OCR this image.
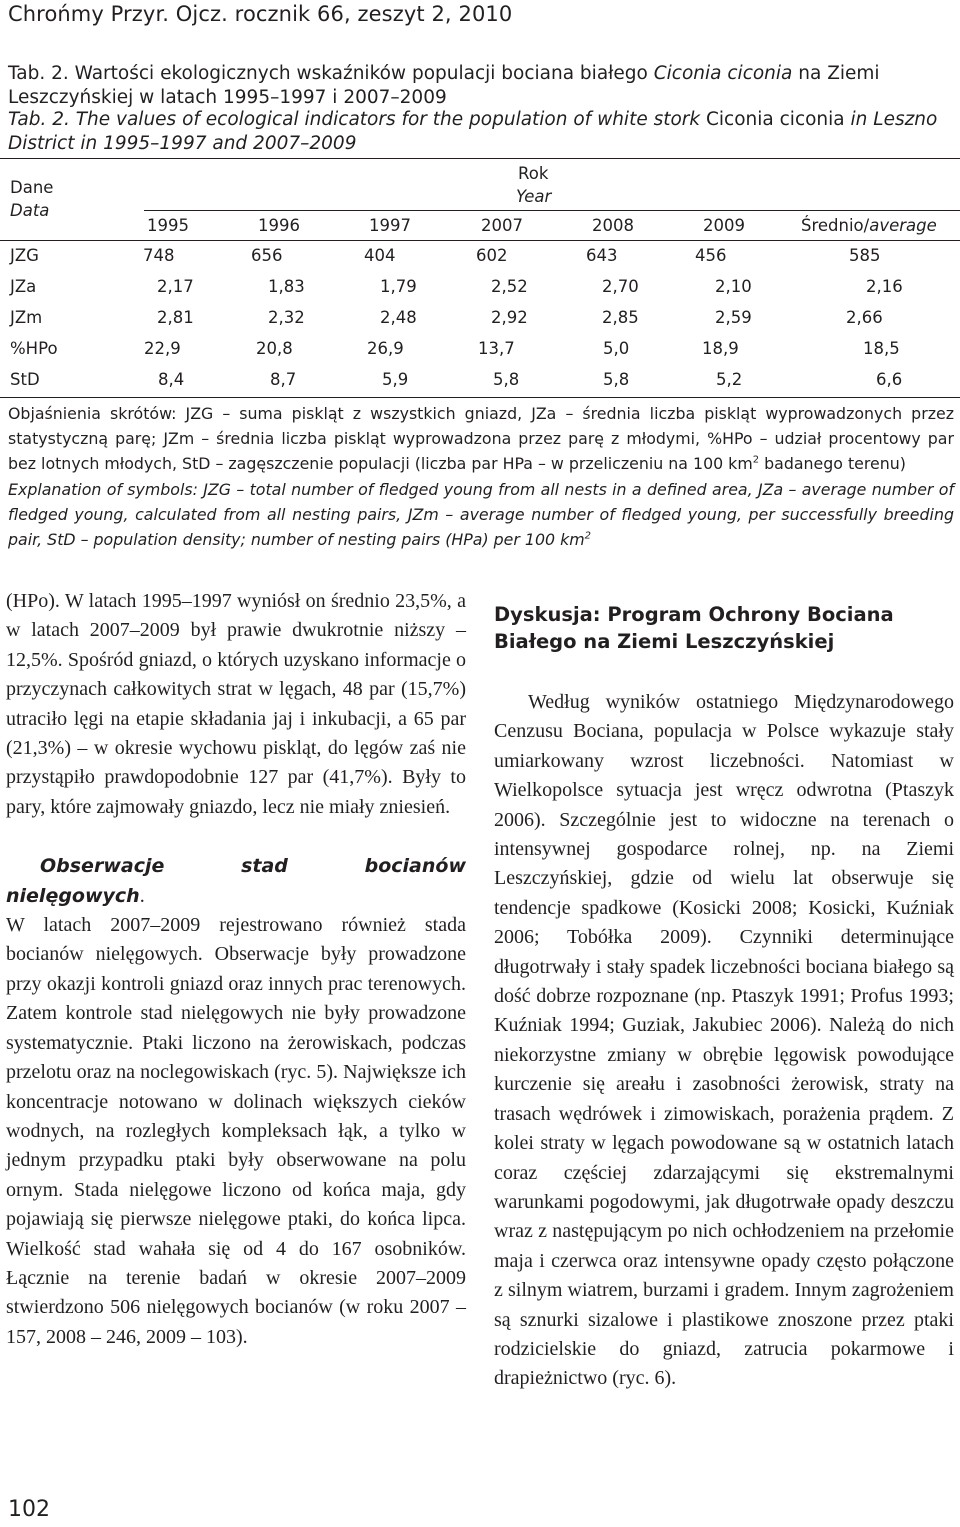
Chrońmy Przyr. Ojcz. rocznik 66, zeszyt 2, 2010
Tab. 2. Wartości ekologicznych wskaźników populacji bociana białego Ciconia ciconia na Ziemi Leszczyńskiej w latach 1995–1997 i 2007–2009
Tab. 2. The values of ecological indicators for the population of white stork Ciconia ciconia in Leszno District in 1995–1997 and 2007–2009
Dane
Data
Rok
Year
1995	1996	1997	2007	2008	2009	Średnio/average
JZG	748	656	404	602	643	456	585
JZa	2,17	1,83	1,79	2,52	2,70	2,10	2,16
JZm	2,81	2,32	2,48	2,92	2,85	2,59	2,66
%HPo	22,9	20,8	26,9	13,7	5,0	18,9	18,5
StD	8,4	8,7	5,9	5,8	5,8	5,2	6,6

Objaśnienia skrótów: JZG – suma piskląt z wszystkich gniazd, JZa – średnia liczba piskląt wyprowadzonych przez statystyczną parę; JZm – średnia liczba piskląt wyprowadzona przez parę z młodymi, %HPo – udział procentowy par bez lotnych młodych, StD – zagęszczenie populacji (liczba par HPa – w przeliczeniu na 100 $km^2$ badanego terenu)

Explanation of symbols: JZG – total number of fledged young from all nests in a defined area, JZa – average number of fledged young, calculated from all nesting pairs, JZm – average number of fledged young, per successfully breeding pair, StD – population density; number of nesting pairs (HPa) per 100 $km^2$

(HPo). W latach 1995–1997 wyniósł on średnio 23,5%, a w latach 2007–2009 był prawie dwukrotnie niższy – 12,5%. Spośród gniazd, o których uzyskano informacje o przyczynach całkowitych strat w lęgach, 48 par (15,7%) utraciło lęgi na etapie składania jaj i inkubacji, a 65 par (21,3%) – w okresie wychowu piskląt, do lęgów zaś nie przystąpiło prawdopodobnie 127 par (41,7%). Były to pary, które zajmowały gniazdo, lecz nie miały zniesień.

Obserwacje stad bocianów nielęgowych.

W latach 2007–2009 rejestrowano również stada bocianów nielęgowych. Obserwacje były prowadzone przy okazji kontroli gniazd oraz innych prac terenowych. Zatem kontrole stad nielęgowych nie były prowadzone systematycznie. Ptaki liczono na żerowiskach, podczas przelotu oraz na noclegowiskach (ryc. 5). Największe ich koncentracje notowano w dolinach większych cieków wodnych, na rozległych kompleksach łąk, a tylko w jednym przypadku ptaki były obserwowane na polu ornym. Stada nielęgowe liczono od końca maja, gdy pojawiają się pierwsze nielęgowe ptaki, do końca lipca. Wielkość stad wahała się od 4 do 167 osobników. Łącznie na terenie badań w okresie 2007–2009 stwierdzono 506 nielęgowych bocianów (w roku 2007 – 157, 2008 – 246, 2009 – 103).

Dyskusja: Program Ochrony Bociana Białego na Ziemi Leszczyńskiej

Według wyników ostatniego Międzynarodowego Cenzusu Bociana, populacja w Polsce wykazuje stały umiarkowany wzrost liczebności. Natomiast w Wielkopolsce sytuacja jest wręcz odwrotna (Ptaszyk 2006). Szczególnie jest to widoczne na terenach o intensywnej gospodarce rolnej, np. na Ziemi Leszczyńskiej, gdzie od wielu lat obserwuje się tendencje spadkowe (Kosicki 2008; Kosicki, Kuźniak 2006; Tobółka 2009). Czynniki determinujące długotrwały i stały spadek liczebności bociana białego są dość dobrze rozpoznane (np. Ptaszyk 1991; Profus 1993; Kuźniak 1994; Guziak, Jakubiec 2006). Należą do nich niekorzystne zmiany w obrębie lęgowisk powodujące kurczenie się areału i zasobności żerowisk, straty na trasach wędrówek i zimowiskach, porażenia prądem. Z kolei straty w lęgach powodowane są w ostatnich latach coraz częściej zdarzającymi się ekstremalnymi warunkami pogodowymi, jak długotrwałe opady deszczu wraz z następującym po nich ochłodzeniem na przełomie maja i czerwca oraz intensywne opady często połączone z silnym wiatrem, burzami i gradem. Innym zagrożeniem są sznurki sizalowe i plastikowe znoszone przez ptaki rodzicielskie do gniazd, zatrucia pokarmowe i drapieżnictwo (ryc. 6).

102
